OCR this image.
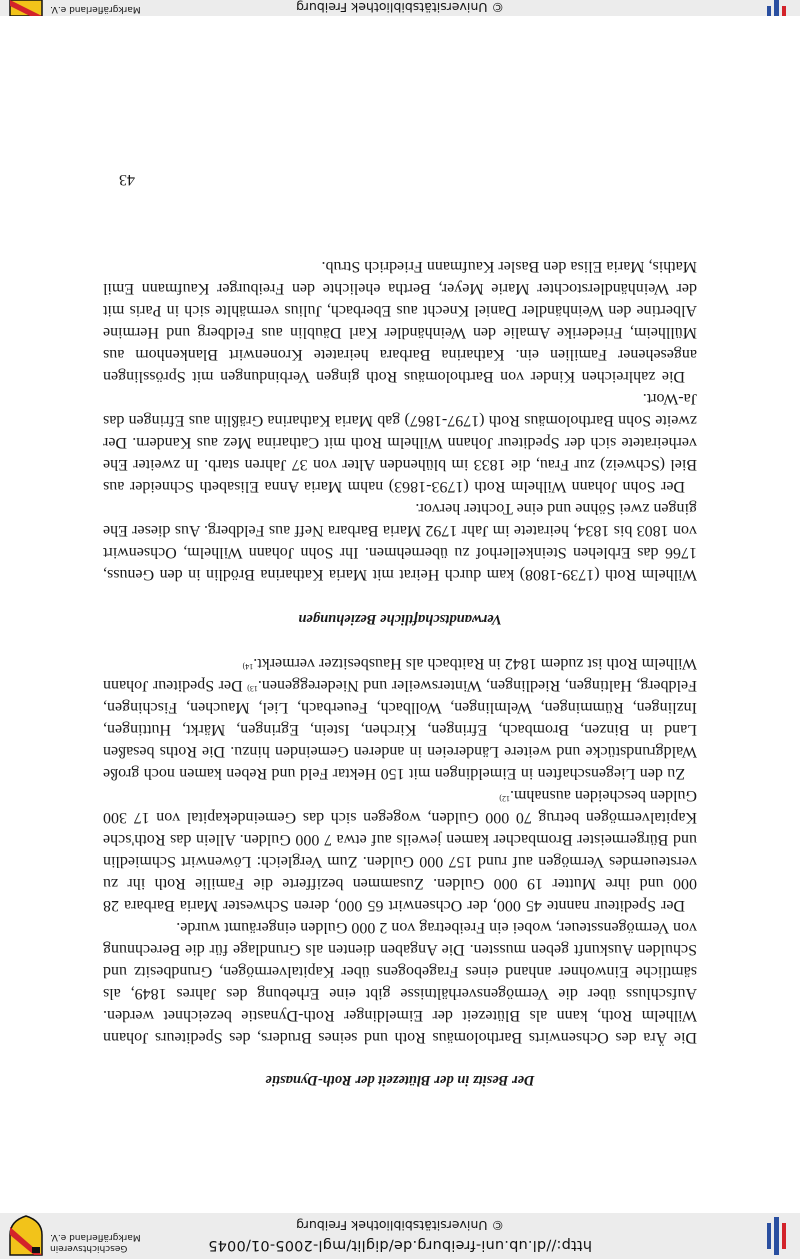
http://dl.ub.uni-freiburg.de/diglit/mgl-2005-01/0045
© Universitätsbibliothek Freiburg
Geschichtsverein
Markgräflerland e.V.
Der Besitz in der Blütezeit der Roth-Dynastie

Die Ära des Ochsenwirts Bartholomäus Roth und seines Bruders, des Spediteurs Johann Wilhelm Roth, kann als Blütezeit der Eimeldinger Roth-Dynastie bezeichnet werden. Aufschluss über die Vermögensverhältnisse gibt eine Erhebung des Jahres 1849, als sämtliche Einwohner anhand eines Fragebogens über Kapitalvermögen, Grundbesitz und Schulden Auskunft geben mussten. Die Angaben dienten als Grundlage für die Berechnung von Vermögenssteuer, wobei ein Freibetrag von 2 000 Gulden eingeräumt wurde.

Der Spediteur nannte 45 000, der Ochsenwirt 65 000, deren Schwester Maria Barbara 28 000 und ihre Mutter 19 000 Gulden. Zusammen bezifferte die Familie Roth ihr zu versteuerndes Vermögen auf rund 157 000 Gulden. Zum Vergleich: Löwenwirt Schmiedlin und Bürgermeister Brombacher kamen jeweils auf etwa 7 000 Gulden. Allein das Roth'sche Kapitalvermögen betrug 70 000 Gulden, wogegen sich das Gemeindekapital von 17 300 Gulden bescheiden ausnahm.$^{12)}$

Zu den Liegenschaften in Eimeldingen mit 150 Hektar Feld und Reben kamen noch große Waldgrundstücke und weitere Ländereien in anderen Gemeinden hinzu. Die Roths besaßen Land in Binzen, Brombach, Efringen, Kirchen, Istein, Egringen, Märkt, Huttingen, Inzlingen, Rümmingen, Welmlingen, Wollbach, Feuerbach, Liel, Mauchen, Fischingen, Feldberg, Haltingen, Riedlingen, Wintersweiler und Niedereggenen.$^{13)}$ Der Spediteur Johann Wilhelm Roth ist zudem 1842 in Raitbach als Hausbesitzer vermerkt.$^{14)}$

Verwandtschaftliche Beziehungen

Wilhelm Roth (1739-1808) kam durch Heirat mit Maria Katharina Brödlin in den Genuss, 1766 das Erblehen Steinkellerhof zu übernehmen. Ihr Sohn Johann Wilhelm, Ochsenwirt von 1803 bis 1834, heiratete im Jahr 1792 Maria Barbara Neff aus Feldberg. Aus dieser Ehe gingen zwei Söhne und eine Tochter hervor.

Der Sohn Johann Wilhelm Roth (1793-1863) nahm Maria Anna Elisabeth Schneider aus Biel (Schweiz) zur Frau, die 1833 im blühenden Alter von 37 Jahren starb. In zweiter Ehe verheiratete sich der Spediteur Johann Wilhelm Roth mit Catharina Mez aus Kandern. Der zweite Sohn Bartholomäus Roth (1797-1867) gab Maria Katharina Gräßlin aus Efringen das Ja-Wort.

Die zahlreichen Kinder von Bartholomäus Roth gingen Verbindungen mit Sprösslingen angesehener Familien ein. Katharina Barbara heiratete Kronenwirt Blankenhorn aus Müllheim, Friederike Amalie den Weinhändler Karl Däublin aus Feldberg und Hermine Albertine den Weinhändler Daniel Knecht aus Eberbach, Julius vermählte sich in Paris mit der Weinhändlerstochter Marie Meyer, Bertha ehelichte den Freiburger Kaufmann Emil Mathis, Maria Elisa den Basler Kaufmann Friedrich Strub.

43
© Universitätsbibliothek Freiburg
Markgräflerland e.V.
